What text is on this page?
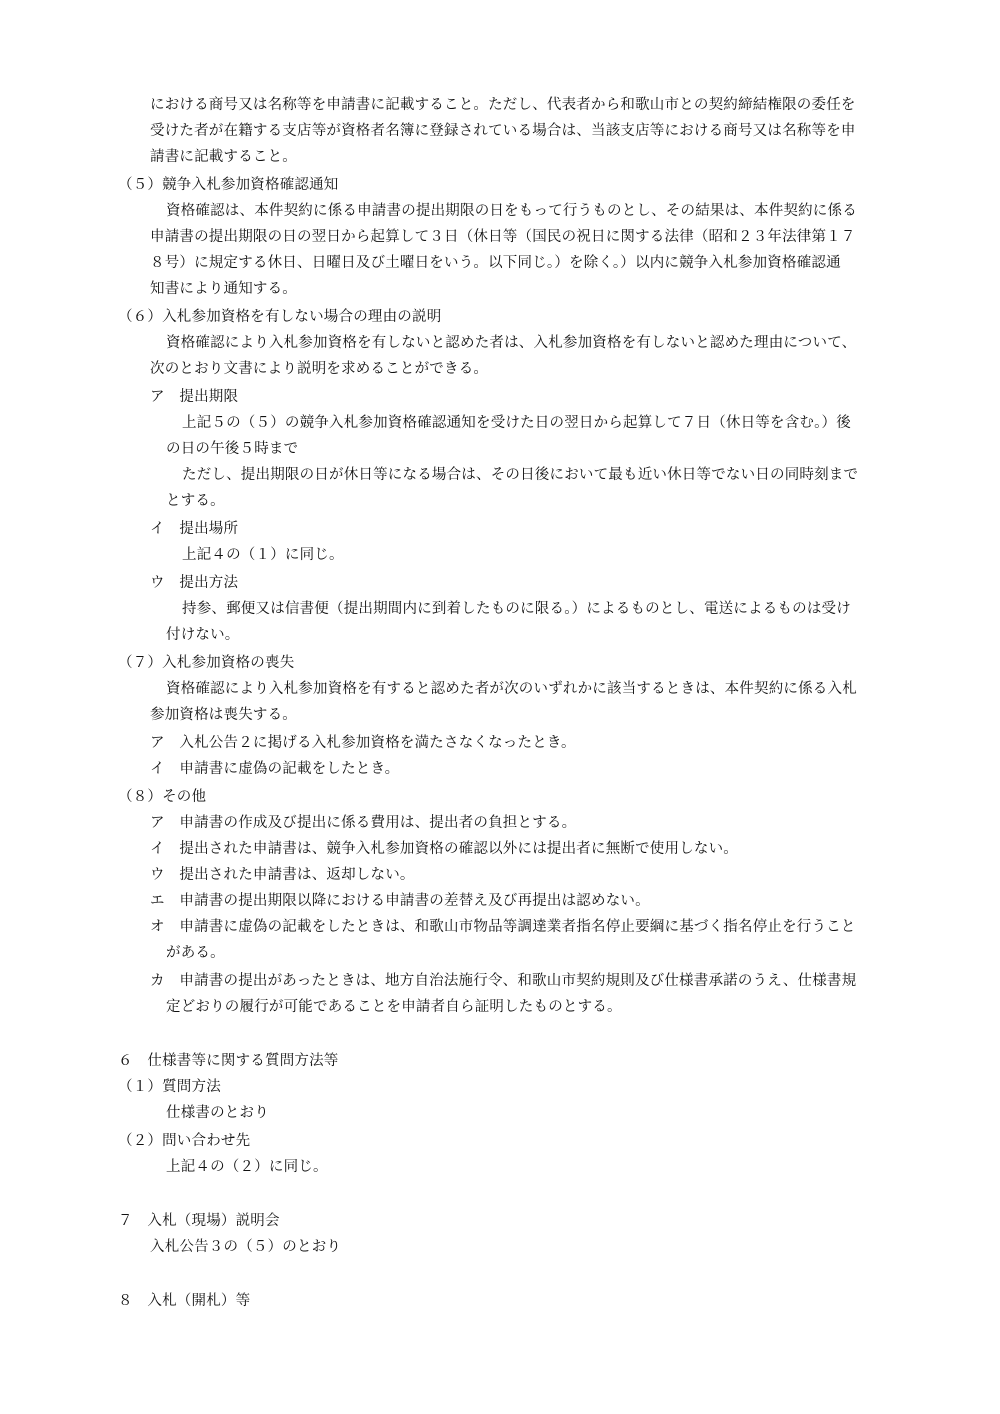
における商号又は名称等を申請書に記載すること。ただし、代表者から和歌山市との契約締結権限の委任を
受けた者が在籍する支店等が資格者名簿に登録されている場合は、当該支店等における商号又は名称等を申
請書に記載すること。
（５）競争入札参加資格確認通知
資格確認は、本件契約に係る申請書の提出期限の日をもって行うものとし、その結果は、本件契約に係る
申請書の提出期限の日の翌日から起算して３日（休日等（国民の祝日に関する法律（昭和２３年法律第１７
８号）に規定する休日、日曜日及び土曜日をいう。以下同じ。）を除く。）以内に競争入札参加資格確認通
知書により通知する。
（６）入札参加資格を有しない場合の理由の説明
資格確認により入札参加資格を有しないと認めた者は、入札参加資格を有しないと認めた理由について、
次のとおり文書により説明を求めることができる。
ア　提出期限
上記５の（５）の競争入札参加資格確認通知を受けた日の翌日から起算して７日（休日等を含む。）後
の日の午後５時まで
ただし、提出期限の日が休日等になる場合は、その日後において最も近い休日等でない日の同時刻まで
とする。
イ　提出場所
上記４の（１）に同じ。
ウ　提出方法
持参、郵便又は信書便（提出期間内に到着したものに限る。）によるものとし、電送によるものは受け
付けない。
（７）入札参加資格の喪失
資格確認により入札参加資格を有すると認めた者が次のいずれかに該当するときは、本件契約に係る入札
参加資格は喪失する。
ア　入札公告２に掲げる入札参加資格を満たさなくなったとき。
イ　申請書に虚偽の記載をしたとき。
（８）その他
ア　申請書の作成及び提出に係る費用は、提出者の負担とする。
イ　提出された申請書は、競争入札参加資格の確認以外には提出者に無断で使用しない。
ウ　提出された申請書は、返却しない。
エ　申請書の提出期限以降における申請書の差替え及び再提出は認めない。
オ　申請書に虚偽の記載をしたときは、和歌山市物品等調達業者指名停止要綱に基づく指名停止を行うこと
がある。
カ　申請書の提出があったときは、地方自治法施行令、和歌山市契約規則及び仕様書承諾のうえ、仕様書規
定どおりの履行が可能であることを申請者自ら証明したものとする。
６　仕様書等に関する質問方法等
（１）質問方法
仕様書のとおり
（２）問い合わせ先
上記４の（２）に同じ。
７　入札（現場）説明会
入札公告３の（５）のとおり
８　入札（開札）等
